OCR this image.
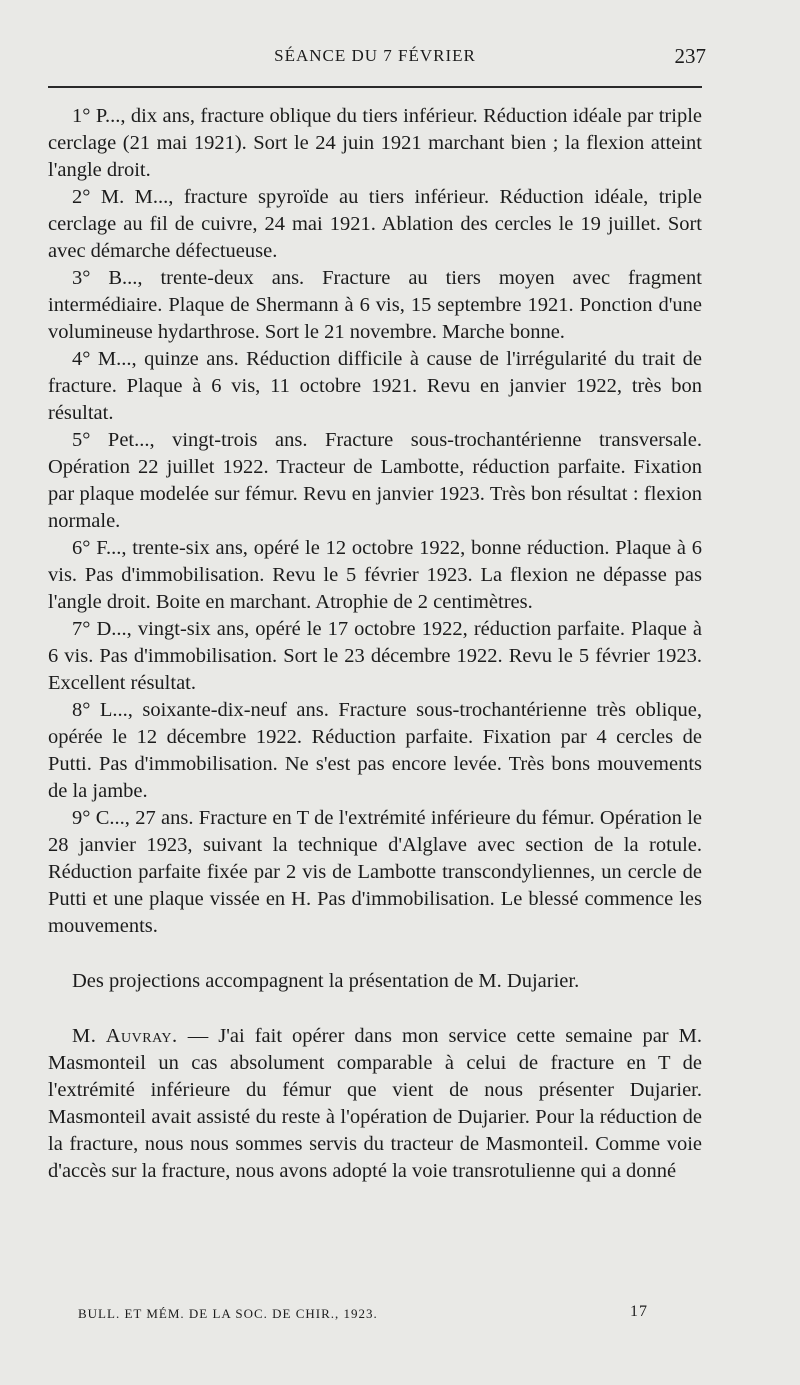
SÉANCE DU 7 FÉVRIER	237

1° P..., dix ans, fracture oblique du tiers inférieur. Réduction idéale par triple cerclage (21 mai 1921). Sort le 24 juin 1921 marchant bien ; la flexion atteint l'angle droit.

2° M. M..., fracture spyroïde au tiers inférieur. Réduction idéale, triple cerclage au fil de cuivre, 24 mai 1921. Ablation des cercles le 19 juillet. Sort avec démarche défectueuse.

3° B..., trente-deux ans. Fracture au tiers moyen avec fragment intermédiaire. Plaque de Shermann à 6 vis, 15 septembre 1921. Ponction d'une volumineuse hydarthrose. Sort le 21 novembre. Marche bonne.

4° M..., quinze ans. Réduction difficile à cause de l'irrégularité du trait de fracture. Plaque à 6 vis, 11 octobre 1921. Revu en janvier 1922, très bon résultat.

5° Pet..., vingt-trois ans. Fracture sous-trochantérienne transversale. Opération 22 juillet 1922. Tracteur de Lambotte, réduction parfaite. Fixation par plaque modelée sur fémur. Revu en janvier 1923. Très bon résultat : flexion normale.

6° F..., trente-six ans, opéré le 12 octobre 1922, bonne réduction. Plaque à 6 vis. Pas d'immobilisation. Revu le 5 février 1923. La flexion ne dépasse pas l'angle droit. Boite en marchant. Atrophie de 2 centimètres.

7° D..., vingt-six ans, opéré le 17 octobre 1922, réduction parfaite. Plaque à 6 vis. Pas d'immobilisation. Sort le 23 décembre 1922. Revu le 5 février 1923. Excellent résultat.

8° L..., soixante-dix-neuf ans. Fracture sous-trochantérienne très oblique, opérée le 12 décembre 1922. Réduction parfaite. Fixation par 4 cercles de Putti. Pas d'immobilisation. Ne s'est pas encore levée. Très bons mouvements de la jambe.

9° C..., 27 ans. Fracture en T de l'extrémité inférieure du fémur. Opération le 28 janvier 1923, suivant la technique d'Alglave avec section de la rotule. Réduction parfaite fixée par 2 vis de Lambotte transcondyliennes, un cercle de Putti et une plaque vissée en H. Pas d'immobilisation. Le blessé commence les mouvements.

Des projections accompagnent la présentation de M. Dujarier.

M. Auvray. — J'ai fait opérer dans mon service cette semaine par M. Masmonteil un cas absolument comparable à celui de fracture en T de l'extrémité inférieure du fémur que vient de nous présenter Dujarier. Masmonteil avait assisté du reste à l'opération de Dujarier. Pour la réduction de la fracture, nous nous sommes servis du tracteur de Masmonteil. Comme voie d'accès sur la fracture, nous avons adopté la voie transrotulienne qui a donné

BULL. ET MÉM. DE LA SOC. DE CHIR., 1923.	17
